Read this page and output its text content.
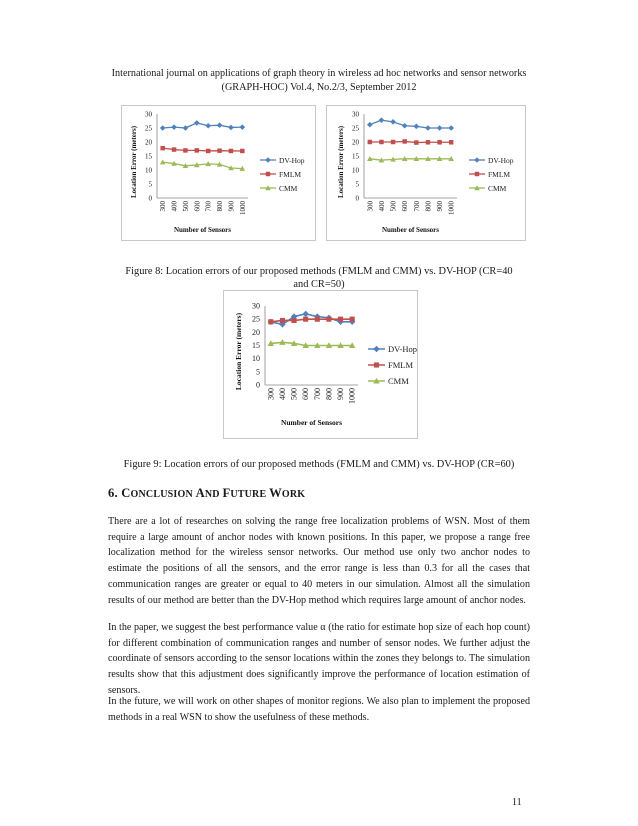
International journal on applications of graph theory in wireless ad hoc networks and sensor networks
(GRAPH-HOC) Vol.4, No.2/3, September 2012
0
5
10
15
20
25
30
300 400 500 600 700 800 900 1000
Location Error (meters)
Number of Sensors
DV-Hop
FMLM
CMM
0
5
10
15
20
25
30
300 400 500 600 700 800 900 1000
Location Error (meters)
Number of Sensors
DV-Hop
FMLM
CMM
Figure 8: Location errors of our proposed methods (FMLM and CMM) vs. DV-HOP (CR=40
and CR=50)
0
5
10
15
20
25
30
300 400 500 600 700 800 900 1000
Location Error (meters)
Number of Sensors
DV-Hop
FMLM
CMM
Figure 9: Location errors of our proposed methods (FMLM and CMM) vs. DV-HOP (CR=60)
6. CONCLUSION AND FUTURE WORK
There are a lot of researches on solving the range free localization problems of WSN. Most of them require a large amount of anchor nodes with known positions. In this paper, we propose a range free localization method for the wireless sensor networks. Our method use only two anchor nodes to estimate the positions of all the sensors, and the error range is less than 0.3 for all the cases that communication ranges are greater or equal to 40 meters in our simulation. Almost all the simulation results of our method are better than the DV-Hop method which requires large amount of anchor nodes.
In the paper, we suggest the best performance value α (the ratio for estimate hop size of each hop count) for different combination of communication ranges and number of sensor nodes. We further adjust the coordinate of sensors according to the sensor locations within the zones they belongs to. The simulation results show that this adjustment does significantly improve the performance of location estimation of sensors.
In the future, we will work on other shapes of monitor regions. We also plan to implement the proposed methods in a real WSN to show the usefulness of these methods.
11
